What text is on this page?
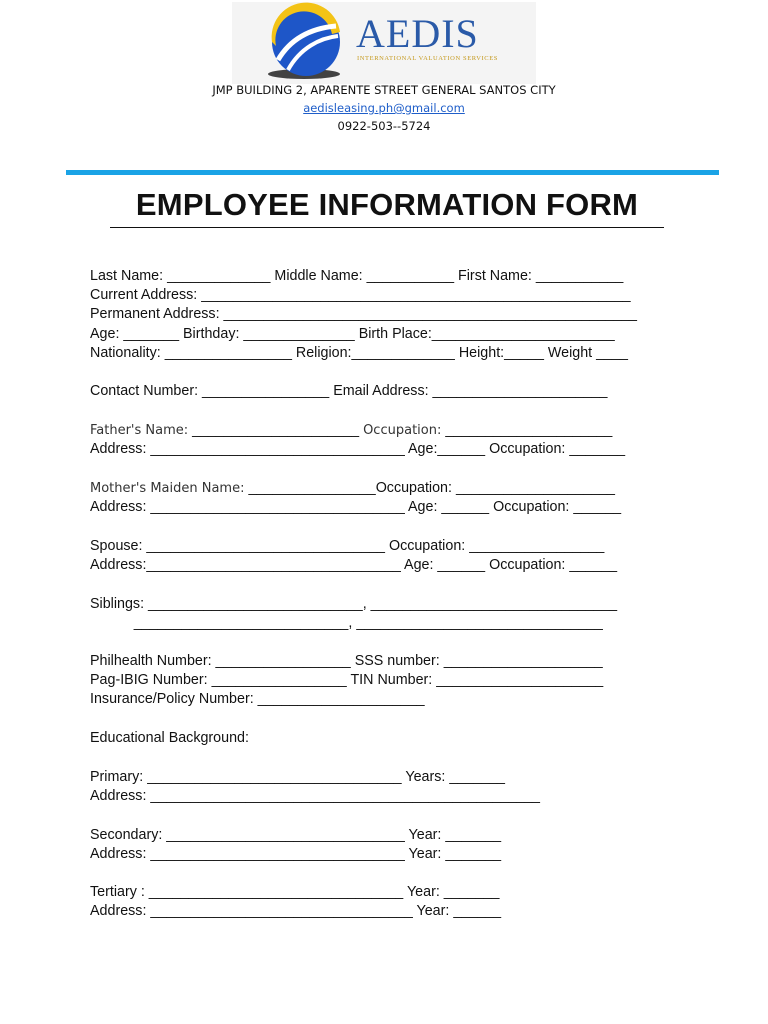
AEDIS
INTERNATIONAL VALUATION SERVICES
JMP BUILDING 2, APARENTE STREET GENERAL SANTOS CITY
aedisleasing.ph@gmail.com
0922-503--5724
EMPLOYEE INFORMATION FORM
Last Name: _____________ Middle Name: ___________ First Name: ___________
Current Address: ______________________________________________________
Permanent Address: ____________________________________________________
Age: _______ Birthday: ______________ Birth Place:_______________________
Nationality: ________________ Religion:_____________ Height:_____ Weight ____
Contact Number: ________________ Email Address: ______________________
Father's Name: _____________________ Occupation: _____________________
Address: ________________________________ Age:______ Occupation: _______
Mother's Maiden Name: ________________Occupation: ____________________
Address: ________________________________ Age: ______ Occupation: ______
Spouse: ______________________________ Occupation: _________________
Address:________________________________ Age: ______ Occupation: ______
Siblings: ___________________________, _______________________________
___________________________, _______________________________
Philhealth Number: _________________ SSS number: ____________________
Pag-IBIG Number: _________________ TIN Number: _____________________
Insurance/Policy Number: _____________________
Educational Background:
Primary: ________________________________ Years: _______
Address: _________________________________________________
Secondary: ______________________________ Year: _______
Address: ________________________________ Year: _______
Tertiary : ________________________________ Year: _______
Address: _________________________________ Year: ______
